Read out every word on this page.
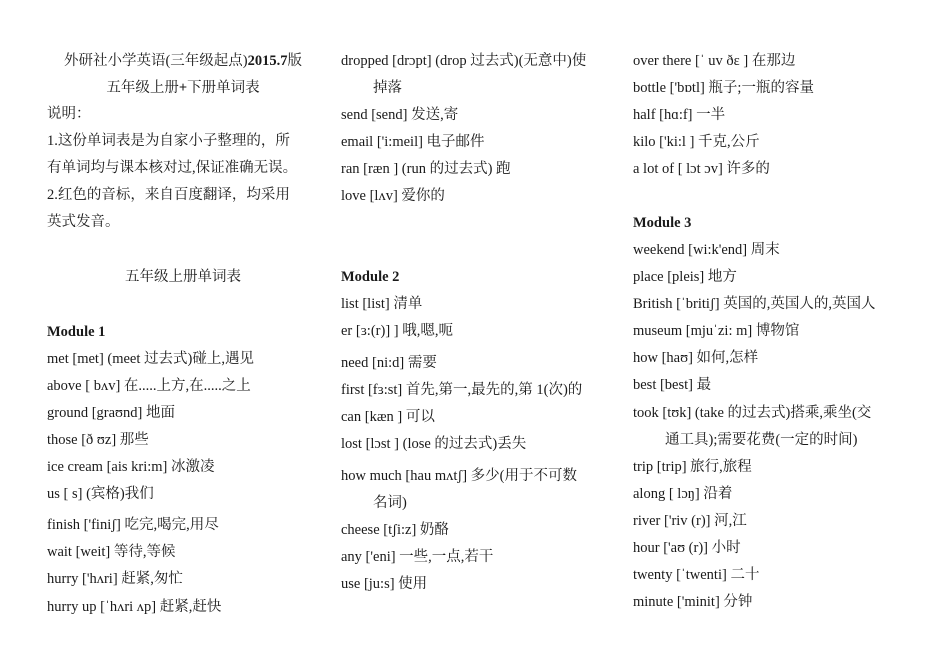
外研社小学英语(三年级起点)2015.7版
五年级上册+下册单词表
说明：
1.这份单词表是为自家小子整理的，所
有单词均与课本核对过,保证准确无误。
2.红色的音标，来自百度翻译，均采用
英式发音。
五年级上册单词表
Module 1
met [met] (meet 过去式)碰上,遇见
above [ bʌv] 在.....上方,在.....之上
ground [graʊnd] 地面
those [ð ʊz] 那些
ice cream [ais kri:m] 冰激凌
us [ s] (宾格)我们
finish ['finiʃ] 吃完,喝完,用尽
wait [weit] 等待,等候
hurry ['hʌri] 赶紧,匆忙
hurry up [ˈhʌri ʌp] 赶紧,赶快
dropped [drɔpt] (drop 过去式)(无意中)使
掉落
send [send] 发送,寄
email ['i:meil] 电子邮件
ran [ræn ] (run 的过去式) 跑
love [lʌv] 爱你的
Module 2
list [list] 清单
er [ɜ:(r)] ] 哦,嗯,呃
need [ni:d] 需要
first [fɜ:st] 首先,第一,最先的,第 1(次)的
can [kæn ] 可以
lost [lɔst ] (lose 的过去式)丢失
how much [hau mʌtʃ] 多少(用于不可数
名词)
cheese [tʃi:z] 奶酪
any ['eni] 一些,一点,若干
use [ju:s] 使用
over there [ˈ uv ðɛ ] 在那边
bottle ['bɒtl] 瓶子;一瓶的容量
half [hɑ:f] 一半
kilo ['ki:l ] 千克,公斤
a lot of [ lɔt ɔv] 许多的
Module 3
weekend [wi:k'end] 周末
place [pleis] 地方
British [ˈbritiʃ] 英国的,英国人的,英国人
museum [mjuˈzi: m] 博物馆
how [haʊ] 如何,怎样
best [best] 最
took [tʊk] (take 的过去式)搭乘,乘坐(交
通工具);需要花费(一定的时间)
trip [trip] 旅行,旅程
along [ lɔŋ] 沿着
river ['riv (r)] 河,江
hour ['aʊ (r)] 小时
twenty [ˈtwenti] 二十
minute ['minit] 分钟
